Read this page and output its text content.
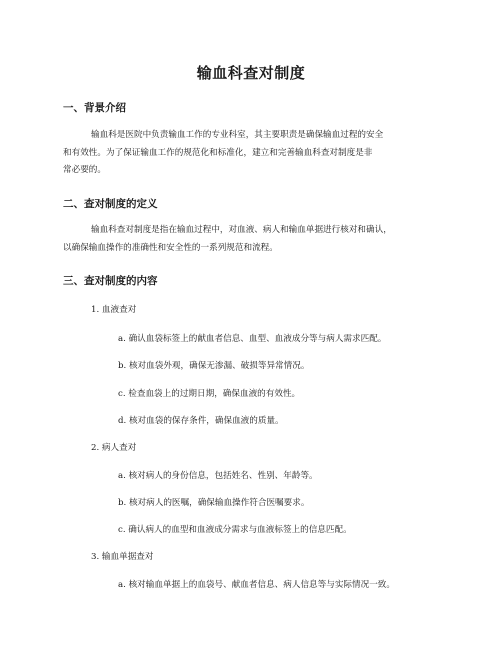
输血科查对制度
一、背景介绍
输血科是医院中负责输血工作的专业科室，其主要职责是确保输血过程的安全
和有效性。为了保证输血工作的规范化和标准化，建立和完善输血科查对制度是非
常必要的。
二、查对制度的定义
输血科查对制度是指在输血过程中，对血液、病人和输血单据进行核对和确认，
以确保输血操作的准确性和安全性的一系列规范和流程。
三、查对制度的内容
1. 血液查对
a. 确认血袋标签上的献血者信息、血型、血液成分等与病人需求匹配。
b. 核对血袋外观，确保无渗漏、破损等异常情况。
c. 检查血袋上的过期日期，确保血液的有效性。
d. 核对血袋的保存条件，确保血液的质量。
2. 病人查对
a. 核对病人的身份信息，包括姓名、性别、年龄等。
b. 核对病人的医嘱，确保输血操作符合医嘱要求。
c. 确认病人的血型和血液成分需求与血液标签上的信息匹配。
3. 输血单据查对
a. 核对输血单据上的血袋号、献血者信息、病人信息等与实际情况一致。
